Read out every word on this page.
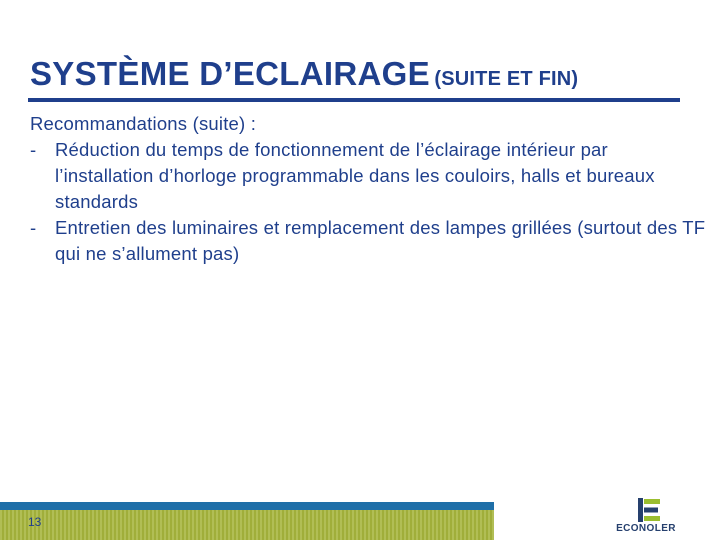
SYSTÈME D’ECLAIRAGE (SUITE ET FIN)

Recommandations (suite) :

- Réduction du temps de fonctionnement de l’éclairage intérieur par l’installation d’horloge programmable dans les couloirs, halls et bureaux standards
- Entretien des luminaires et remplacement des lampes grillées (surtout des TF qui ne s’allument pas)
13	ECONOLER
